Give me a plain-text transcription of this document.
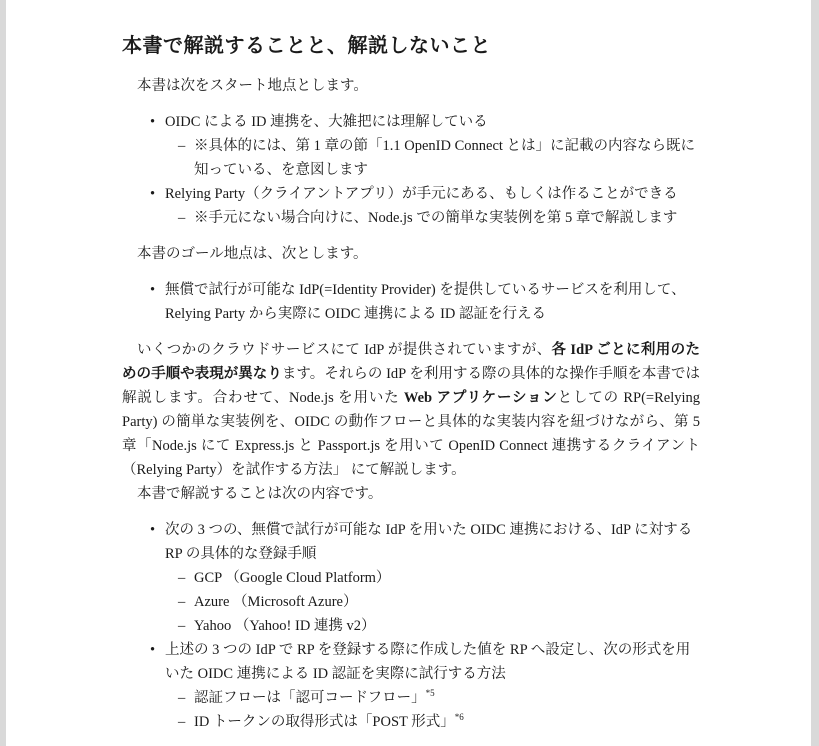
本書で解説することと、解説しないこと

本書は次をスタート地点とします。

• OIDC による ID 連携を、大雑把には理解している
– ※具体的には、第 1 章の節「1.1 OpenID Connect とは」に記載の内容なら既に知っている、を意図します
• Relying Party（クライアントアプリ）が手元にある、もしくは作ることができる
– ※手元にない場合向けに、Node.js での簡単な実装例を第 5 章で解説します

本書のゴール地点は、次とします。

• 無償で試行が可能な IdP(=Identity Provider) を提供しているサービスを利用して、Relying Party から実際に OIDC 連携による ID 認証を行える

いくつかのクラウドサービスにて IdP が提供されていますが、各 IdP ごとに利用のための手順や表現が異なります。それらの IdP を利用する際の具体的な操作手順を本書では解説します。合わせて、Node.js を用いた Web アプリケーションとしての RP(=Relying Party) の簡単な実装例を、OIDC の動作フローと具体的な実装内容を紐づけながら、第 5 章「Node.js にて Express.js と Passport.js を用いて OpenID Connect 連携するクライアント（Relying Party）を試作する方法」 にて解説します。

本書で解説することは次の内容です。

• 次の 3 つの、無償で試行が可能な IdP を用いた OIDC 連携における、IdP に対する RP の具体的な登録手順
– GCP （Google Cloud Platform）
– Azure （Microsoft Azure）
– Yahoo （Yahoo! ID 連携 v2）
• 上述の 3 つの IdP で RP を登録する際に作成した値を RP へ設定し、次の形式を用いた OIDC 連携による ID 認証を実際に試行する方法
– 認証フローは「認可コードフロー」$^{*5}$
– ID トークンの取得形式は「POST 形式」$^{*6}$
